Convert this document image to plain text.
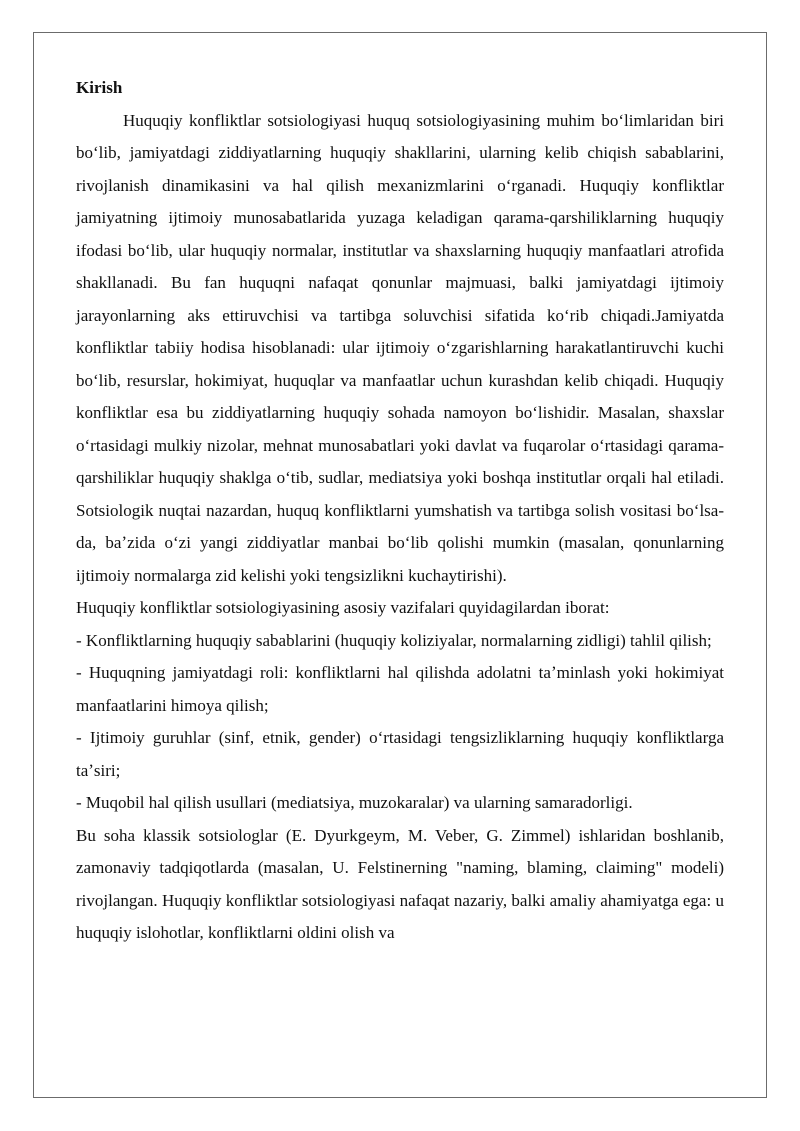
Kirish

Huquqiy konfliktlar sotsiologiyasi huquq sotsiologiyasining muhim boʻlimlaridan biri boʻlib, jamiyatdagi ziddiyatlarning huquqiy shakllarini, ularning kelib chiqish sabablarini, rivojlanish dinamikasini va hal qilish mexanizmlarini oʻrganadi. Huquqiy konfliktlar jamiyatning ijtimoiy munosabatlarida yuzaga keladigan qarama-qarshiliklarning huquqiy ifodasi boʻlib, ular huquqiy normalar, institutlar va shaxslarning huquqiy manfaatlari atrofida shakllanadi. Bu fan huquqni nafaqat qonunlar majmuasi, balki jamiyatdagi ijtimoiy jarayonlarning aks ettiruvchisi va tartibga soluvchisi sifatida koʻrib chiqadi.Jamiyatda konfliktlar tabiiy hodisa hisoblanadi: ular ijtimoiy oʻzgarishlarning harakatlantiruvchi kuchi boʻlib, resurslar, hokimiyat, huquqlar va manfaatlar uchun kurashdan kelib chiqadi. Huquqiy konfliktlar esa bu ziddiyatlarning huquqiy sohada namoyon boʻlishidir. Masalan, shaxslar oʻrtasidagi mulkiy nizolar, mehnat munosabatlari yoki davlat va fuqarolar oʻrtasidagi qarama-qarshiliklar huquqiy shaklga oʻtib, sudlar, mediatsiya yoki boshqa institutlar orqali hal etiladi. Sotsiologik nuqtai nazardan, huquq konfliktlarni yumshatish va tartibga solish vositasi boʻlsa-da, baʼzida oʻzi yangi ziddiyatlar manbai boʻlib qolishi mumkin (masalan, qonunlarning ijtimoiy normalarga zid kelishi yoki tengsizlikni kuchaytirishi).

Huquqiy konfliktlar sotsiologiyasining asosiy vazifalari quyidagilardan iborat:

- Konfliktlarning huquqiy sabablarini (huquqiy koliziyalar, normalarning zidligi) tahlil qilish;

- Huquqning jamiyatdagi roli: konfliktlarni hal qilishda adolatni taʼminlash yoki hokimiyat manfaatlarini himoya qilish;

- Ijtimoiy guruhlar (sinf, etnik, gender) oʻrtasidagi tengsizliklarning huquqiy konfliktlarga taʼsiri;

- Muqobil hal qilish usullari (mediatsiya, muzokaralar) va ularning samaradorligi.

Bu soha klassik sotsiologlar (E. Dyurkgeym, M. Veber, G. Zimmel) ishlaridan boshlanib, zamonaviy tadqiqotlarda (masalan, U. Felstinerning "naming, blaming, claiming" modeli) rivojlangan. Huquqiy konfliktlar sotsiologiyasi nafaqat nazariy, balki amaliy ahamiyatga ega: u huquqiy islohotlar, konfliktlarni oldini olish va
